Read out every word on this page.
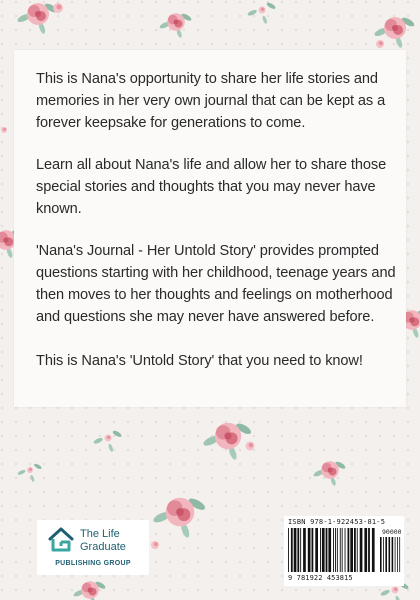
This is Nana's opportunity to share her life stories and memories in her very own journal that can be kept as a forever keepsake for generations to come.

Learn all about Nana's life and allow her to share those special stories and thoughts that you may never have known.

'Nana's Journal - Her Untold Story' provides prompted questions starting with her childhood, teenage years and then moves to her thoughts and feelings on motherhood and questions she may never have answered before.

This is Nana's 'Untold Story' that you need to know!

The Life
Graduate

PUBLISHING GROUP

ISBN 978-1-922453-81-5

9 781922 453815

90000
